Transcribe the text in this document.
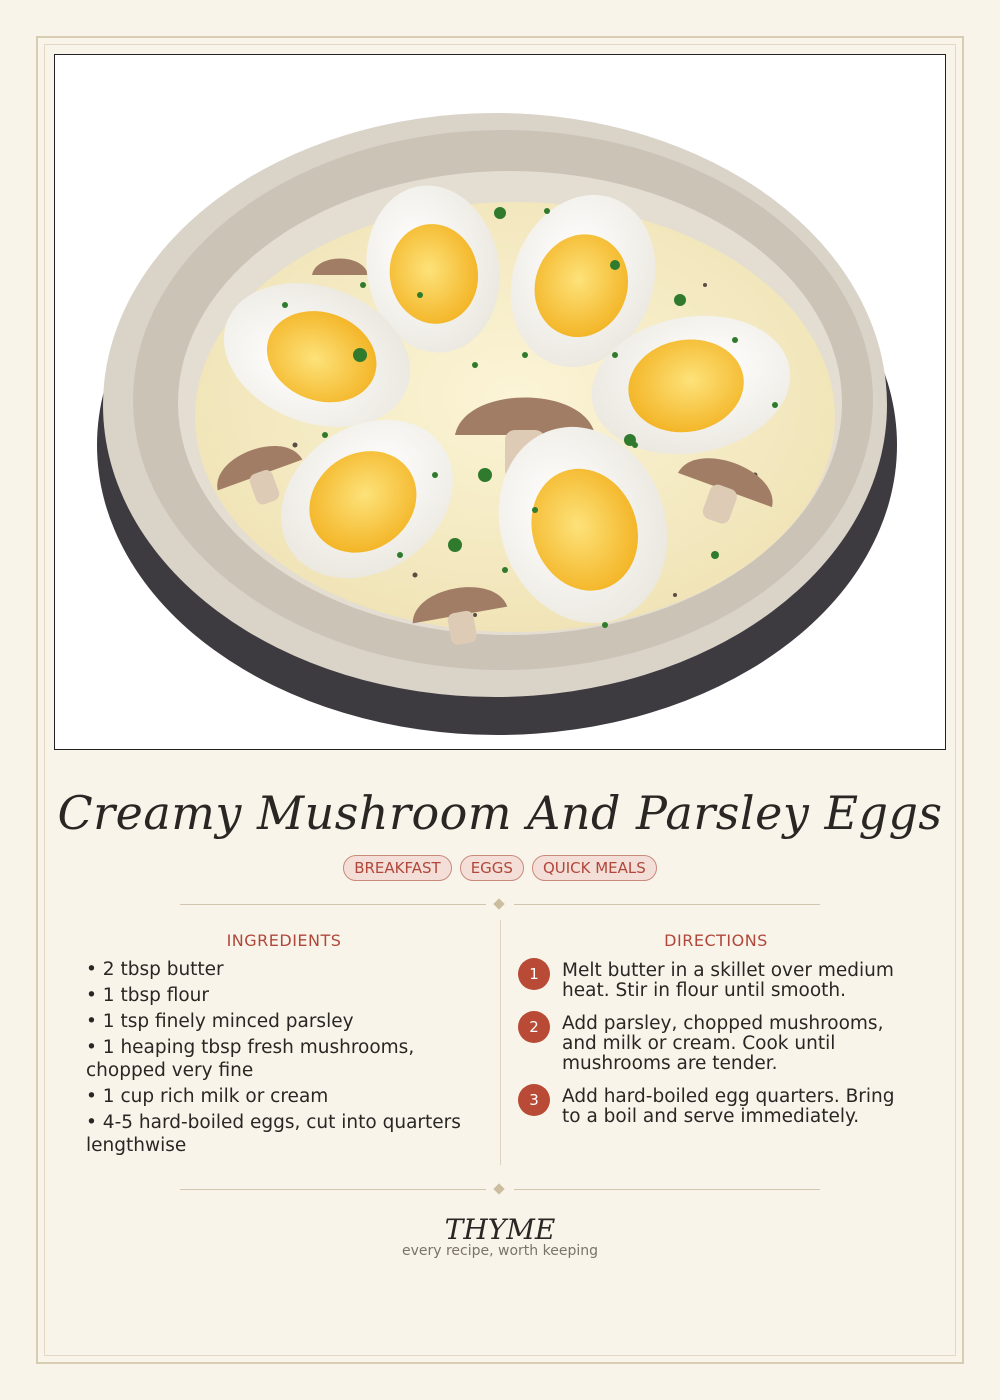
Creamy Mushroom And Parsley Eggs
BREAKFAST	EGGS	QUICK MEALS
INGREDIENTS	DIRECTIONS
• 2 tbsp butter
• 1 tbsp flour
• 1 tsp finely minced parsley
• 1 heaping tbsp fresh mushrooms, chopped very fine
• 1 cup rich milk or cream
• 4-5 hard-boiled eggs, cut into quarters lengthwise
1	Melt butter in a skillet over medium heat. Stir in flour until smooth.
2	Add parsley, chopped mushrooms, and milk or cream. Cook until mushrooms are tender.
3	Add hard-boiled egg quarters. Bring to a boil and serve immediately.
THYME
every recipe, worth keeping
